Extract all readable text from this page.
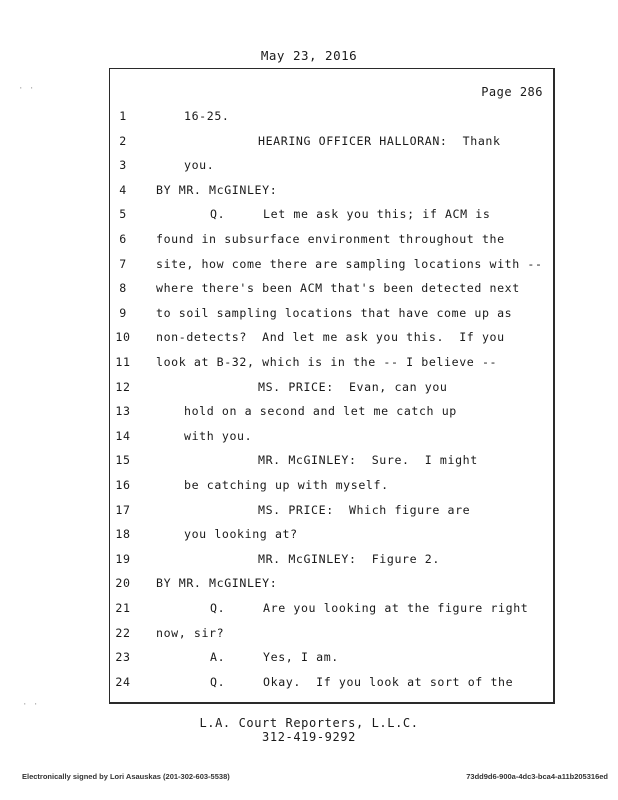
May 23, 2016
Page 286
1	16-25.
2	HEARING OFFICER HALLORAN:  Thank
3	you.
4	BY MR. McGINLEY:
5	Q.     Let me ask you this; if ACM is
6	found in subsurface environment throughout the
7	site, how come there are sampling locations with --
8	where there's been ACM that's been detected next
9	to soil sampling locations that have come up as
10 non-detects?  And let me ask you this.  If you
11 look at B-32, which is in the -- I believe --
12	MS. PRICE:  Evan, can you
13	hold on a second and let me catch up
14	with you.
15	MR. McGINLEY:  Sure.  I might
16	be catching up with myself.
17	MS. PRICE:  Which figure are
18	you looking at?
19	MR. McGINLEY:  Figure 2.
20 BY MR. McGINLEY:
21	Q.     Are you looking at the figure right
22 now, sir?
23	A.     Yes, I am.
24	Q.     Okay.  If you look at sort of the
L.A. Court Reporters, L.L.C.
312-419-9292
Electronically signed by Lori Asauskas (201-302-603-5538)	73dd9d6-900a-4dc3-bca4-a11b205316ed
· ·
· ·
